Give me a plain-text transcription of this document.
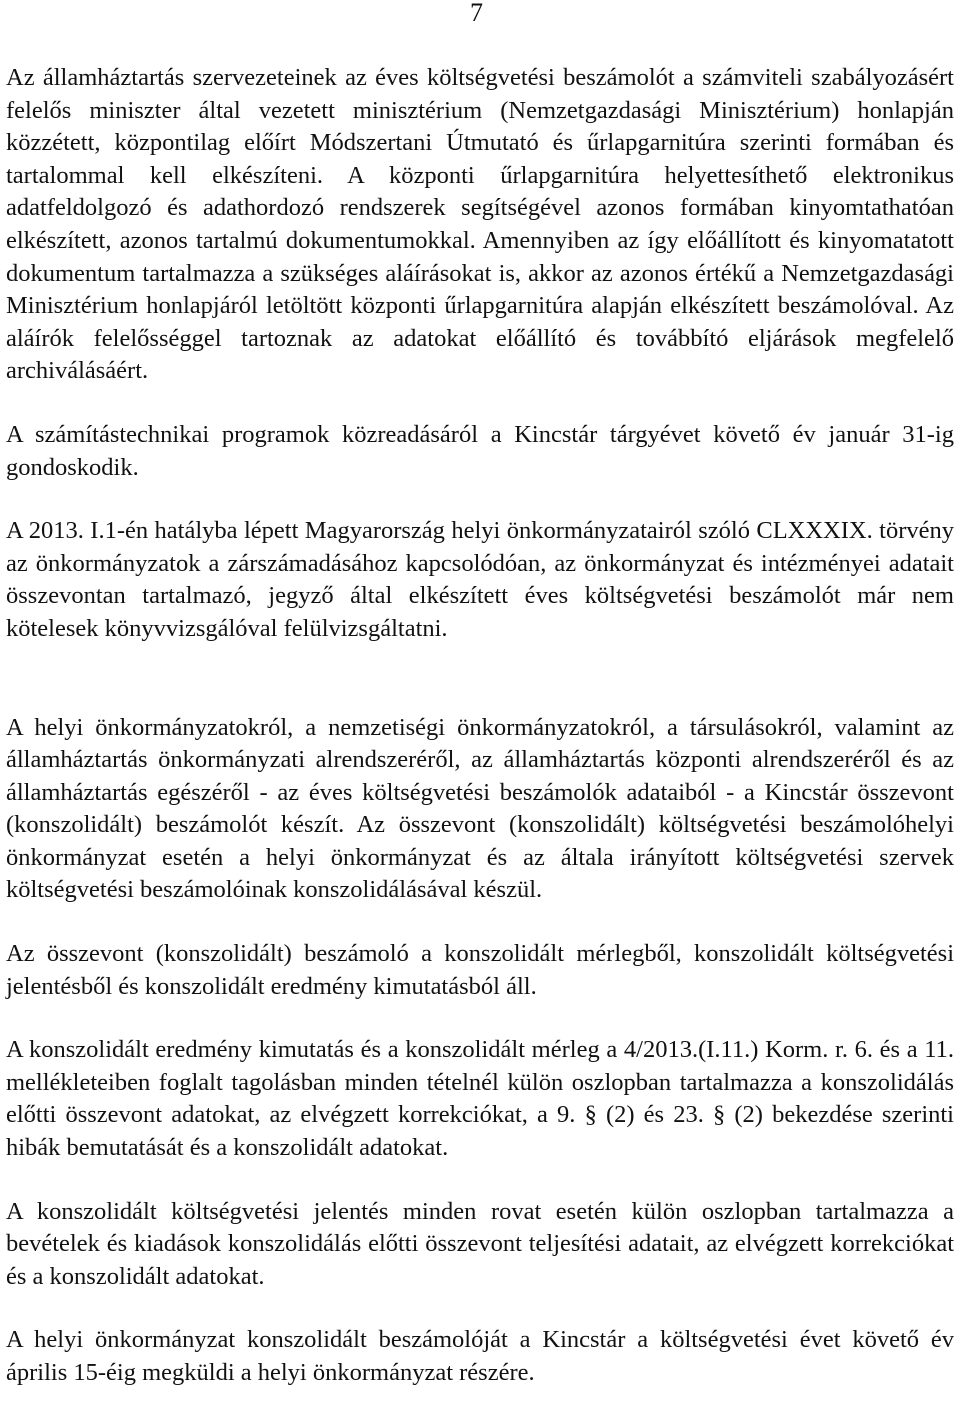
7

Az államháztartás szervezeteinek az éves költségvetési beszámolót a számviteli szabályozásért felelős miniszter által vezetett minisztérium (Nemzetgazdasági Minisztérium) honlapján közzétett, központilag előírt Módszertani Útmutató és űrlapgarnitúra szerinti formában és tartalommal kell elkészíteni. A központi űrlapgarnitúra helyettesíthető elektronikus adatfeldolgozó és adathordozó rendszerek segítségével azonos formában kinyomtathatóan elkészített, azonos tartalmú dokumentumokkal. Amennyiben az így előállított és kinyomatatott dokumentum tartalmazza a szükséges aláírásokat is, akkor az azonos értékű a Nemzetgazdasági Minisztérium honlapjáról letöltött központi űrlapgarnitúra alapján elkészített beszámolóval. Az aláírók felelősséggel tartoznak az adatokat előállító és továbbító eljárások megfelelő archiválásáért.

A számítástechnikai programok közreadásáról a Kincstár tárgyévet követő év január 31-ig gondoskodik.

A 2013. I.1-én hatályba lépett Magyarország helyi önkormányzatairól szóló CLXXXIX. törvény az önkormányzatok a zárszámadásához kapcsolódóan, az önkormányzat és intézményei adatait összevontan tartalmazó, jegyző által elkészített éves költségvetési beszámolót már nem kötelesek könyvvizsgálóval felülvizsgáltatni.

A helyi önkormányzatokról, a nemzetiségi önkormányzatokról, a társulásokról, valamint az államháztartás önkormányzati alrendszeréről, az államháztartás központi alrendszeréről és az államháztartás egészéről - az éves költségvetési beszámolók adataiból - a Kincstár összevont (konszolidált) beszámolót készít. Az összevont (konszolidált) költségvetési beszámolóhelyi önkormányzat esetén a helyi önkormányzat és az általa irányított költségvetési szervek költségvetési beszámolóinak konszolidálásával készül.

Az összevont (konszolidált) beszámoló a konszolidált mérlegből, konszolidált költségvetési jelentésből és konszolidált eredmény kimutatásból áll.

A konszolidált eredmény kimutatás és a konszolidált mérleg a 4/2013.(I.11.) Korm. r. 6. és a 11. mellékleteiben foglalt tagolásban minden tételnél külön oszlopban tartalmazza a konszolidálás előtti összevont adatokat, az elvégzett korrekciókat, a 9. § (2) és 23. § (2) bekezdése szerinti hibák bemutatását és a konszolidált adatokat.

A konszolidált költségvetési jelentés minden rovat esetén külön oszlopban tartalmazza a bevételek és kiadások konszolidálás előtti összevont teljesítési adatait, az elvégzett korrekciókat és a konszolidált adatokat.

A helyi önkormányzat konszolidált beszámolóját a Kincstár a költségvetési évet követő év április 15-éig megküldi a helyi önkormányzat részére.
